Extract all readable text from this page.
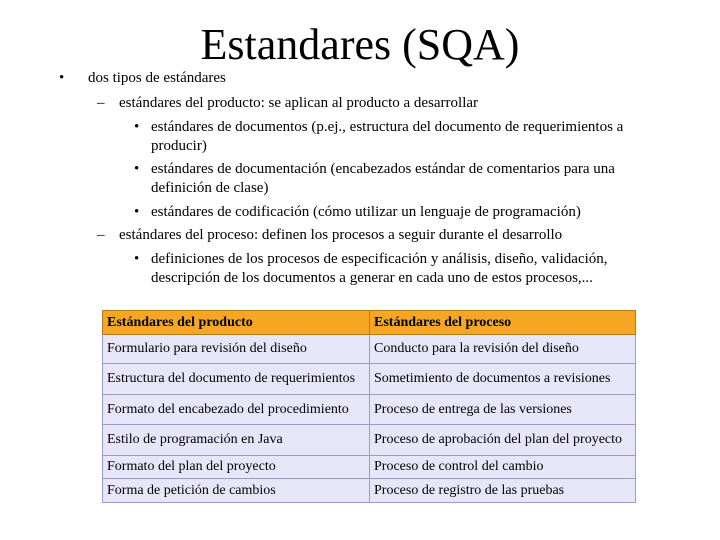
Estandares (SQA)
• dos tipos de estándares
– estándares del producto: se aplican al producto a desarrollar
• estándares de documentos (p.ej., estructura del documento de requerimientos a producir)
• estándares de documentación (encabezados estándar de comentarios para una definición de clase)
• estándares de codificación (cómo utilizar un lenguaje de programación)
– estándares del proceso: definen los procesos a seguir durante el desarrollo
• definiciones de los procesos de especificación y análisis, diseño, validación, descripción de los documentos a generar en cada uno de estos procesos,...
Estándares del producto	Estándares del proceso
Formulario para revisión del diseño	Conducto para la revisión del diseño
Estructura del documento de requerimientos	Sometimiento de documentos a revisiones
Formato del encabezado del procedimiento	Proceso de entrega de las versiones
Estilo de programación en Java	Proceso de aprobación del plan del proyecto
Formato del plan del proyecto	Proceso de control del cambio
Forma de petición de cambios	Proceso de registro de las pruebas
